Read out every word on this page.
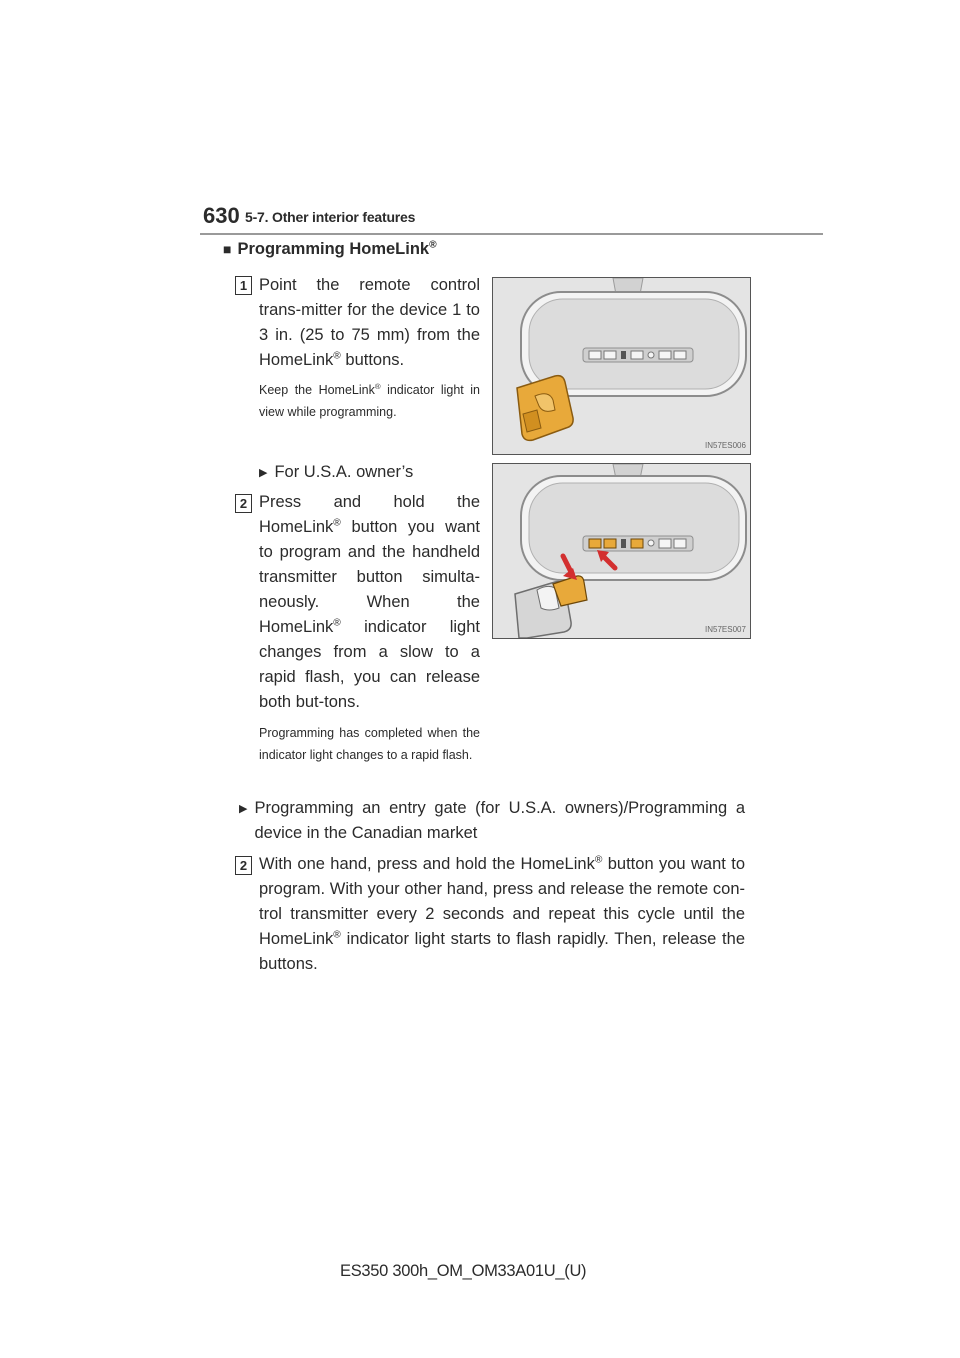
630 5-7. Other interior features
■ Programming HomeLink®
1 Point the remote control trans-mitter for the device 1 to 3 in. (25 to 75 mm) from the HomeLink® buttons.
Keep the HomeLink® indicator light in view while programming.
IN57ES006
▶ For U.S.A. owner’s
2 Press and hold the HomeLink® button you want to program and the handheld transmitter button simulta-neously. When the HomeLink® indicator light changes from a slow to a rapid flash, you can release both but-tons.
Programming has completed when the indicator light changes to a rapid flash.
IN57ES007
▶ Programming an entry gate (for U.S.A. owners)/Programming a device in the Canadian market
2 With one hand, press and hold the HomeLink® button you want to program. With your other hand, press and release the remote con-trol transmitter every 2 seconds and repeat this cycle until the HomeLink® indicator light starts to flash rapidly. Then, release the buttons.
ES350 300h_OM_OM33A01U_(U)
